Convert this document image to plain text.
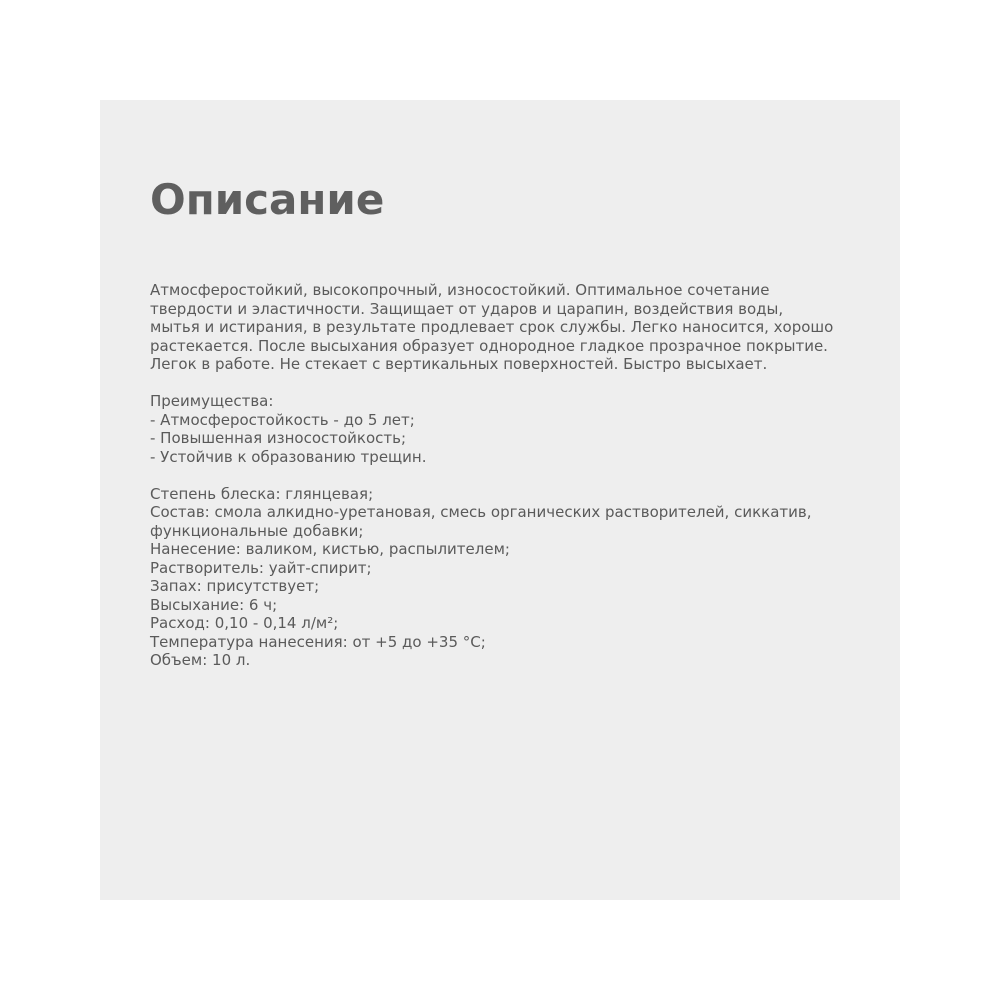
Описание

Атмосферостойкий, высокопрочный, износостойкий. Оптимальное сочетание
твердости и эластичности. Защищает от ударов и царапин, воздействия воды,
мытья и истирания, в результате продлевает срок службы. Легко наносится, хорошо
растекается. После высыхания образует однородное гладкое прозрачное покрытие.
Легок в работе. Не стекает с вертикальных поверхностей. Быстро высыхает.

Преимущества:
- Атмосферостойкость - до 5 лет;
- Повышенная износостойкость;
- Устойчив к образованию трещин.

Степень блеска: глянцевая;
Состав: смола алкидно-уретановая, смесь органических растворителей, сиккатив,
функциональные добавки;
Нанесение: валиком, кистью, распылителем;
Растворитель: уайт-спирит;
Запах: присутствует;
Высыхание: 6 ч;
Расход: 0,10 - 0,14 л/м²;
Температура нанесения: от +5 до +35 °C;
Объем: 10 л.
